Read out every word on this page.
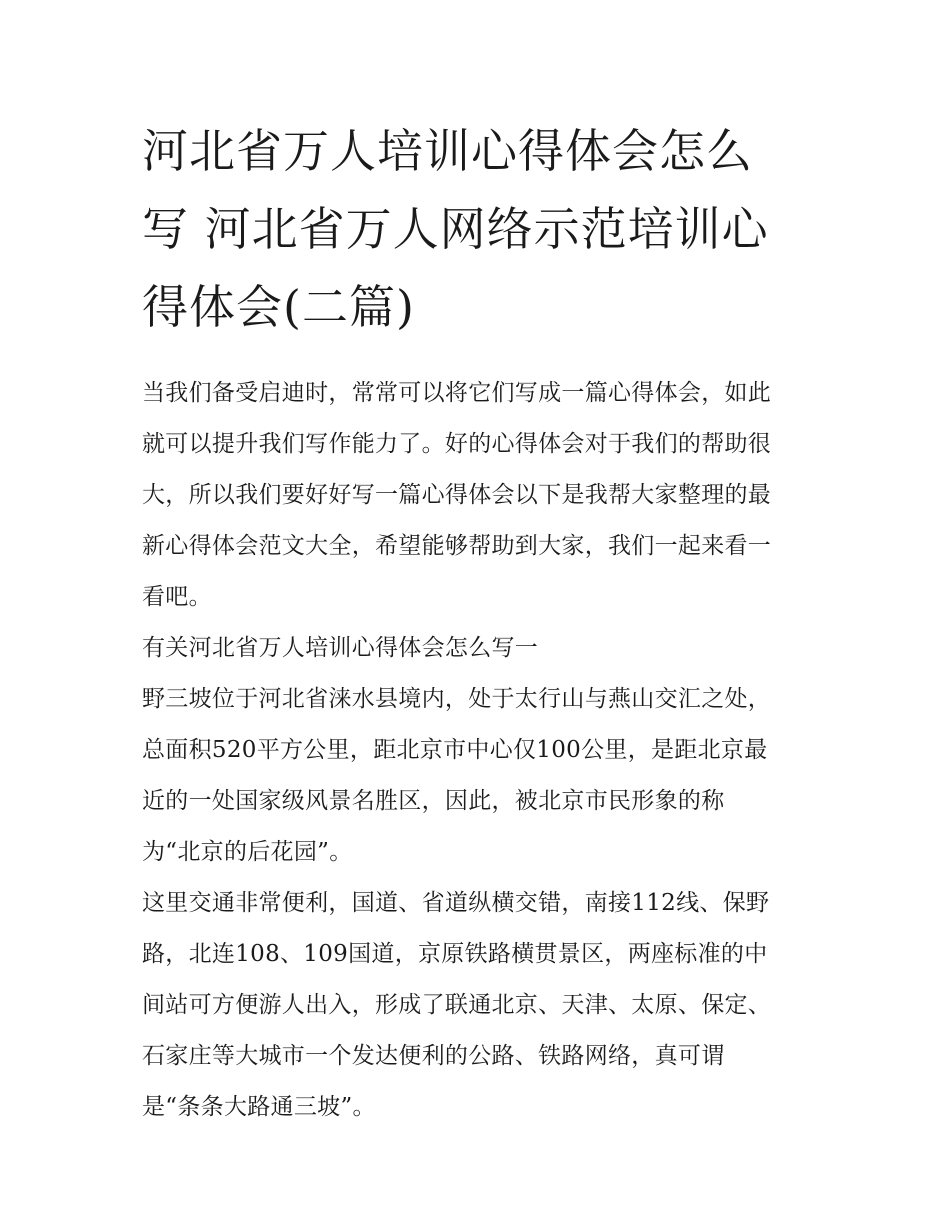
河北省万人培训心得体会怎么
写 河北省万人网络示范培训心
得体会(二篇)
当我们备受启迪时，常常可以将它们写成一篇心得体会，如此
就可以提升我们写作能力了。好的心得体会对于我们的帮助很
大，所以我们要好好写一篇心得体会以下是我帮大家整理的最
新心得体会范文大全，希望能够帮助到大家，我们一起来看一
看吧。
有关河北省万人培训心得体会怎么写一
野三坡位于河北省涞水县境内，处于太行山与燕山交汇之处，
总面积520平方公里，距北京市中心仅100公里，是距北京最
近的一处国家级风景名胜区，因此，被北京市民形象的称
为“北京的后花园”。
这里交通非常便利，国道、省道纵横交错，南接112线、保野
路，北连108、109国道，京原铁路横贯景区，两座标准的中
间站可方便游人出入，形成了联通北京、天津、太原、保定、
石家庄等大城市一个发达便利的公路、铁路网络，真可谓
是“条条大路通三坡”。
